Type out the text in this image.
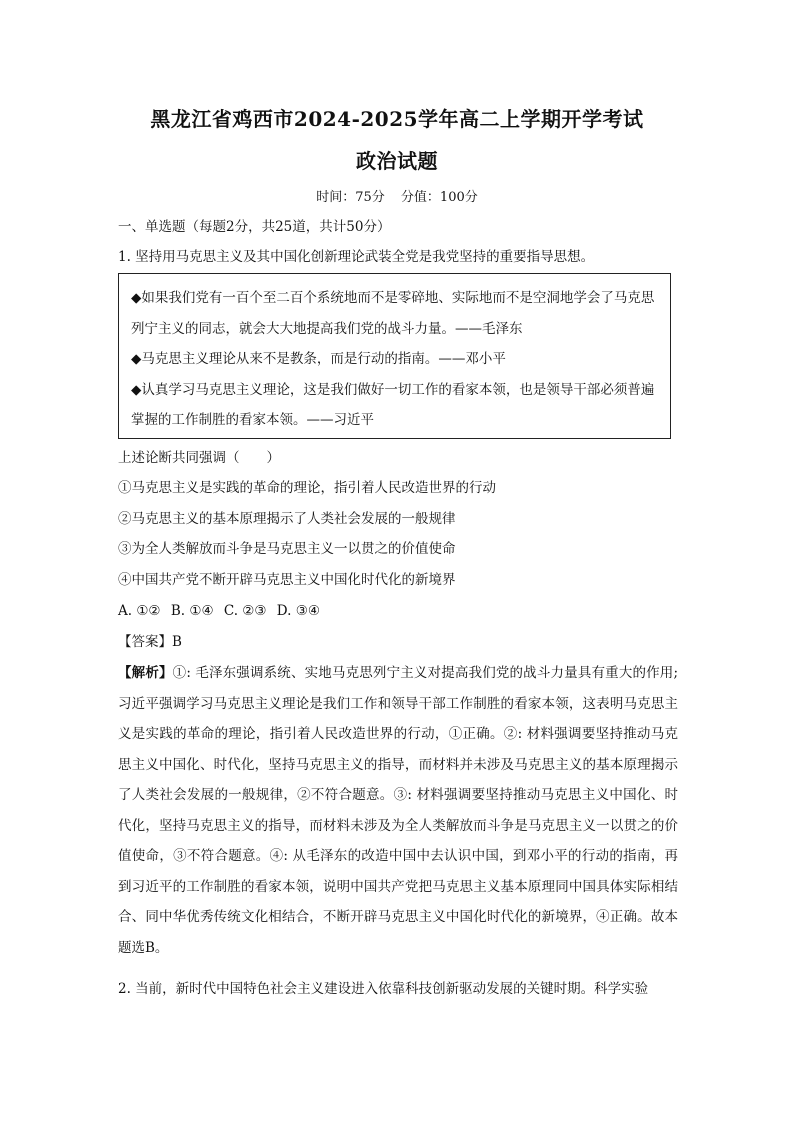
黑龙江省鸡西市2024-2025学年高二上学期开学考试
政治试题
时间：75分 分值：100分
一、单选题（每题2分，共25道，共计50分）
1. 坚持用马克思主义及其中国化创新理论武装全党是我党坚持的重要指导思想。

◆如果我们党有一百个至二百个系统地而不是零碎地、实际地而不是空洞地学会了马克思列宁主义的同志，就会大大地提高我们党的战斗力量。——毛泽东

◆马克思主义理论从来不是教条，而是行动的指南。——邓小平

◆认真学习马克思主义理论，这是我们做好一切工作的看家本领，也是领导干部必须普遍掌握的工作制胜的看家本领。——习近平

上述论断共同强调（　　）
①马克思主义是实践的革命的理论，指引着人民改造世界的行动
②马克思主义的基本原理揭示了人类社会发展的一般规律
③为全人类解放而斗争是马克思主义一以贯之的价值使命
④中国共产党不断开辟马克思主义中国化时代化的新境界
A. ①② B. ①④ C. ②③ D. ③④
【答案】B
【解析】①: 毛泽东强调系统、实地马克思列宁主义对提高我们党的战斗力量具有重大的作用; 习近平强调学习马克思主义理论是我们工作和领导干部工作制胜的看家本领，这表明马克思主义是实践的革命的理论，指引着人民改造世界的行动，①正确。②: 材料强调要坚持推动马克思主义中国化、时代化，坚持马克思主义的指导，而材料并未涉及马克思主义的基本原理揭示了人类社会发展的一般规律，②不符合题意。③: 材料强调要坚持推动马克思主义中国化、时代化，坚持马克思主义的指导，而材料未涉及为全人类解放而斗争是马克思主义一以贯之的价值使命，③不符合题意。④: 从毛泽东的改造中国中去认识中国，到邓小平的行动的指南，再到习近平的工作制胜的看家本领，说明中国共产党把马克思主义基本原理同中国具体实际相结合、同中华优秀传统文化相结合，不断开辟马克思主义中国化时代化的新境界，④正确。故本题选B。
2. 当前，新时代中国特色社会主义建设进入依靠科技创新驱动发展的关键时期。科学实验
